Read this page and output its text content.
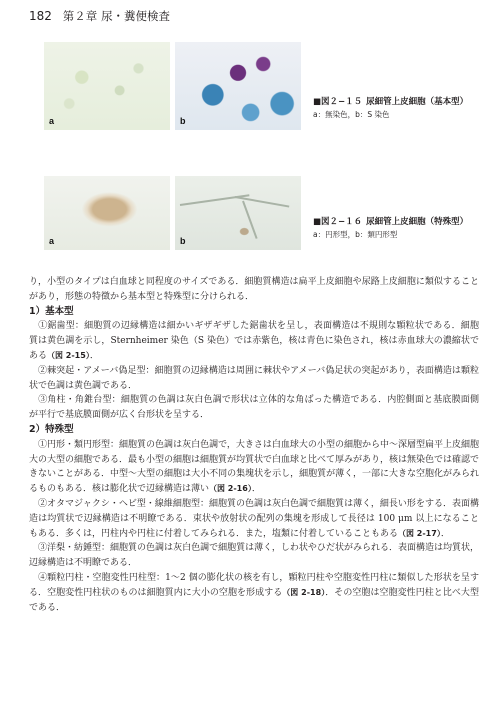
182 第２章 尿・糞便検査
a	b
■図２−１５ 尿細管上皮細胞（基本型）
a：無染色，b：S 染色
a	b
■図２−１６ 尿細管上皮細胞（特殊型）
a：円形型，b：類円形型

り，小型のタイプは白血球と同程度のサイズである．細胞質構造は扁平上皮細胞や尿路上皮細胞に類似することがあり，形態の特徴から基本型と特殊型に分けられる．

1）基本型

　①鋸歯型：細胞質の辺縁構造は細かいギザギザした鋸歯状を呈し，表面構造は不規則な顆粒状である．細胞質は黄色調を示し，Sternheimer 染色（S 染色）では赤紫色，核は青色に染色され，核は赤血球大の濃縮状である（図 2-15）．

　②棘突起・アメーバ偽足型：細胞質の辺縁構造は周囲に棘状やアメーバ偽足状の突起があり，表面構造は顆粒状で色調は黄色調である．

　③角柱・角錐台型：細胞質の色調は灰白色調で形状は立体的な角ばった構造である．内腔側面と基底膜面側が平行で基底膜面側が広く台形状を呈する．

2）特殊型

　①円形・類円形型：細胞質の色調は灰白色調で，大きさは白血球大の小型の細胞から中～深層型扁平上皮細胞大の大型の細胞である．最も小型の細胞は細胞質が均質状で白血球と比べて厚みがあり，核は無染色では確認できないことがある．中型～大型の細胞は大小不同の集塊状を示し，細胞質が薄く，一部に大きな空胞化がみられるものもある．核は膨化状で辺縁構造は薄い（図 2-16）．

　②オタマジャクシ・ヘビ型・線維細胞型：細胞質の色調は灰白色調で細胞質は薄く，細長い形をする．表面構造は均質状で辺縁構造は不明瞭である．束状や放射状の配列の集塊を形成して長径は 100 μm 以上になることもある．多くは，円柱内や円柱に付着してみられる．また，塩類に付着していることもある（図 2-17）．

　③洋梨・紡錘型：細胞質の色調は灰白色調で細胞質は薄く，しわ状やひだ状がみられる．表面構造は均質状，辺縁構造は不明瞭である．

　④顆粒円柱・空胞変性円柱型：1～2 個の膨化状の核を有し，顆粒円柱や空胞変性円柱に類似した形状を呈する．空胞変性円柱状のものは細胞質内に大小の空胞を形成する（図 2-18）．その空胞は空胞変性円柱と比べ大型である．
